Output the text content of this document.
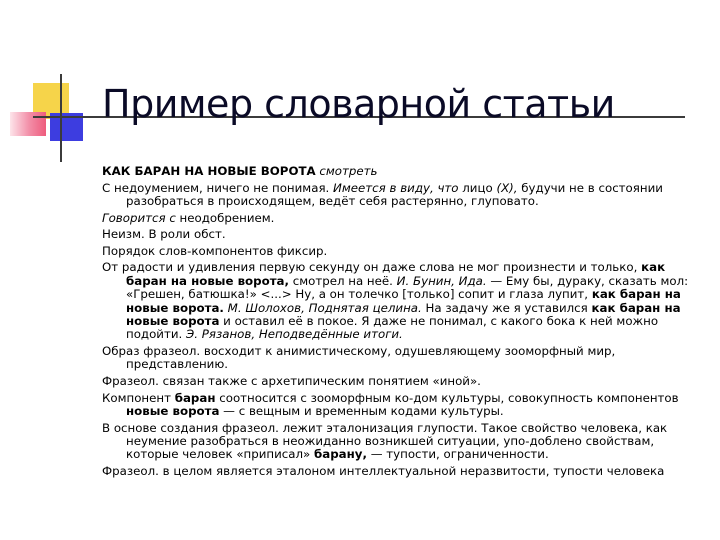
Пример словарной статьи

КАК БАРАН НА НОВЫЕ ВОРОТА смотреть

С недоумением, ничего не понимая. Имеется в виду, что лицо (X), будучи не в состоянии разобраться в происходящем, ведёт себя растерянно, глуповато.

Говорится с неодобрением.

Неизм. В роли обст.

Порядок слов-компонентов фиксир.

От радости и удивления первую секунду он даже слова не мог произнести и только, как баран на новые ворота, смотрел на неё. И. Бунин, Ида. — Ему бы, дураку, сказать мол: «Грешен, батюшка!» <...> Ну, а он толечко [только] сопит и глаза лупит, как баран на новые ворота. М. Шолохов, Поднятая целина. На задачу же я уставился как баран на новые ворота и оставил её в покое. Я даже не понимал, с какого бока к ней можно подойти. Э. Рязанов, Неподведённые итоги.

Образ фразеол. восходит к анимистическому, одушевляющему зооморфный мир, представлению.

Фразеол. связан также с архетипическим понятием «иной».

Компонент баран соотносится с зооморфным ко-дом культуры, совокупность компонентов новые ворота — с вещным и временным кодами культуры.

В основе создания фразеол. лежит эталонизация глупости. Такое свойство человека, как неумение разобраться в неожиданно возникшей ситуации, упо-доблено свойствам, которые человек «приписал» барану, — тупости, ограниченности.

Фразеол. в целом является эталоном интеллектуальной неразвитости, тупости человека
